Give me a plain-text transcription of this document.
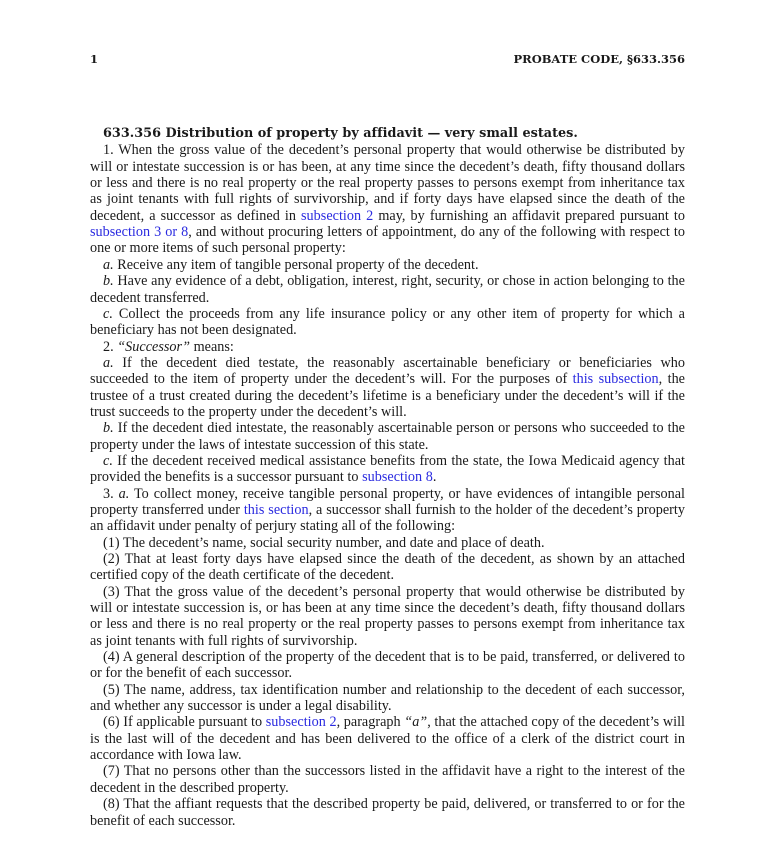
1	PROBATE CODE, §633.356

633.356 Distribution of property by affidavit — very small estates.

1. When the gross value of the decedent’s personal property that would otherwise be distributed by will or intestate succession is or has been, at any time since the decedent’s death, fifty thousand dollars or less and there is no real property or the real property passes to persons exempt from inheritance tax as joint tenants with full rights of survivorship, and if forty days have elapsed since the death of the decedent, a successor as defined in subsection 2 may, by furnishing an affidavit prepared pursuant to subsection 3 or 8, and without procuring letters of appointment, do any of the following with respect to one or more items of such personal property:

a. Receive any item of tangible personal property of the decedent.

b. Have any evidence of a debt, obligation, interest, right, security, or chose in action belonging to the decedent transferred.

c. Collect the proceeds from any life insurance policy or any other item of property for which a beneficiary has not been designated.

2. “Successor” means:

a. If the decedent died testate, the reasonably ascertainable beneficiary or beneficiaries who succeeded to the item of property under the decedent’s will. For the purposes of this subsection, the trustee of a trust created during the decedent’s lifetime is a beneficiary under the decedent’s will if the trust succeeds to the property under the decedent’s will.

b. If the decedent died intestate, the reasonably ascertainable person or persons who succeeded to the property under the laws of intestate succession of this state.

c. If the decedent received medical assistance benefits from the state, the Iowa Medicaid agency that provided the benefits is a successor pursuant to subsection 8.

3. a. To collect money, receive tangible personal property, or have evidences of intangible personal property transferred under this section, a successor shall furnish to the holder of the decedent’s property an affidavit under penalty of perjury stating all of the following:

(1) The decedent’s name, social security number, and date and place of death.

(2) That at least forty days have elapsed since the death of the decedent, as shown by an attached certified copy of the death certificate of the decedent.

(3) That the gross value of the decedent’s personal property that would otherwise be distributed by will or intestate succession is, or has been at any time since the decedent’s death, fifty thousand dollars or less and there is no real property or the real property passes to persons exempt from inheritance tax as joint tenants with full rights of survivorship.

(4) A general description of the property of the decedent that is to be paid, transferred, or delivered to or for the benefit of each successor.

(5) The name, address, tax identification number and relationship to the decedent of each successor, and whether any successor is under a legal disability.

(6) If applicable pursuant to subsection 2, paragraph “a”, that the attached copy of the decedent’s will is the last will of the decedent and has been delivered to the office of a clerk of the district court in accordance with Iowa law.

(7) That no persons other than the successors listed in the affidavit have a right to the interest of the decedent in the described property.

(8) That the affiant requests that the described property be paid, delivered, or transferred to or for the benefit of each successor.
